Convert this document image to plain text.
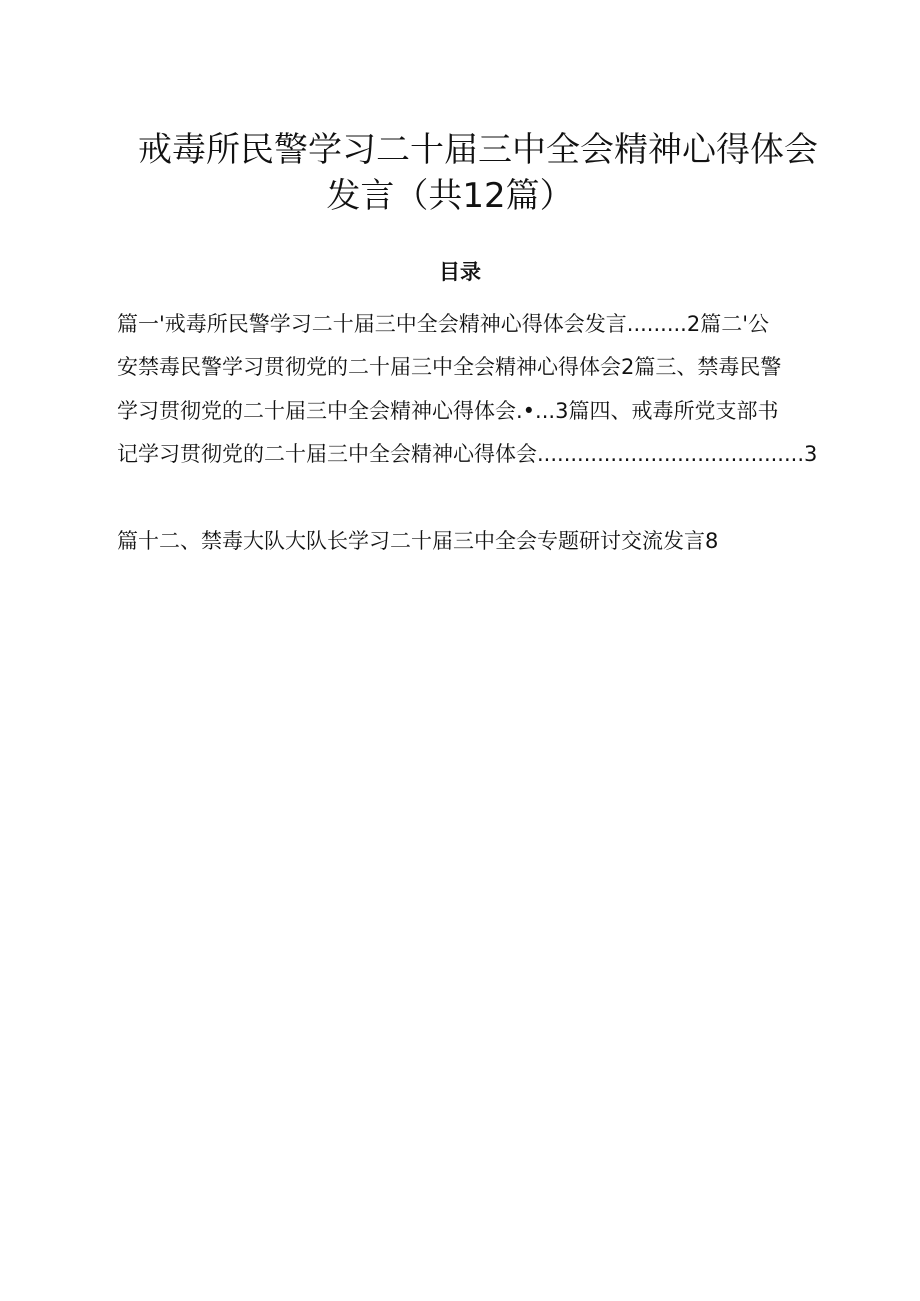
戒毒所民警学习二十届三中全会精神心得体会
发言（共12篇）
目录

篇一'戒毒所民警学习二十届三中全会精神心得体会发言.........2篇二'公

安禁毒民警学习贯彻党的二十届三中全会精神心得体会2篇三、禁毒民警

学习贯彻党的二十届三中全会精神心得体会.•...3篇四、戒毒所党支部书

记学习贯彻党的二十届三中全会精神心得体会........................................3

篇十二、禁毒大队大队长学习二十届三中全会专题研讨交流发言8
